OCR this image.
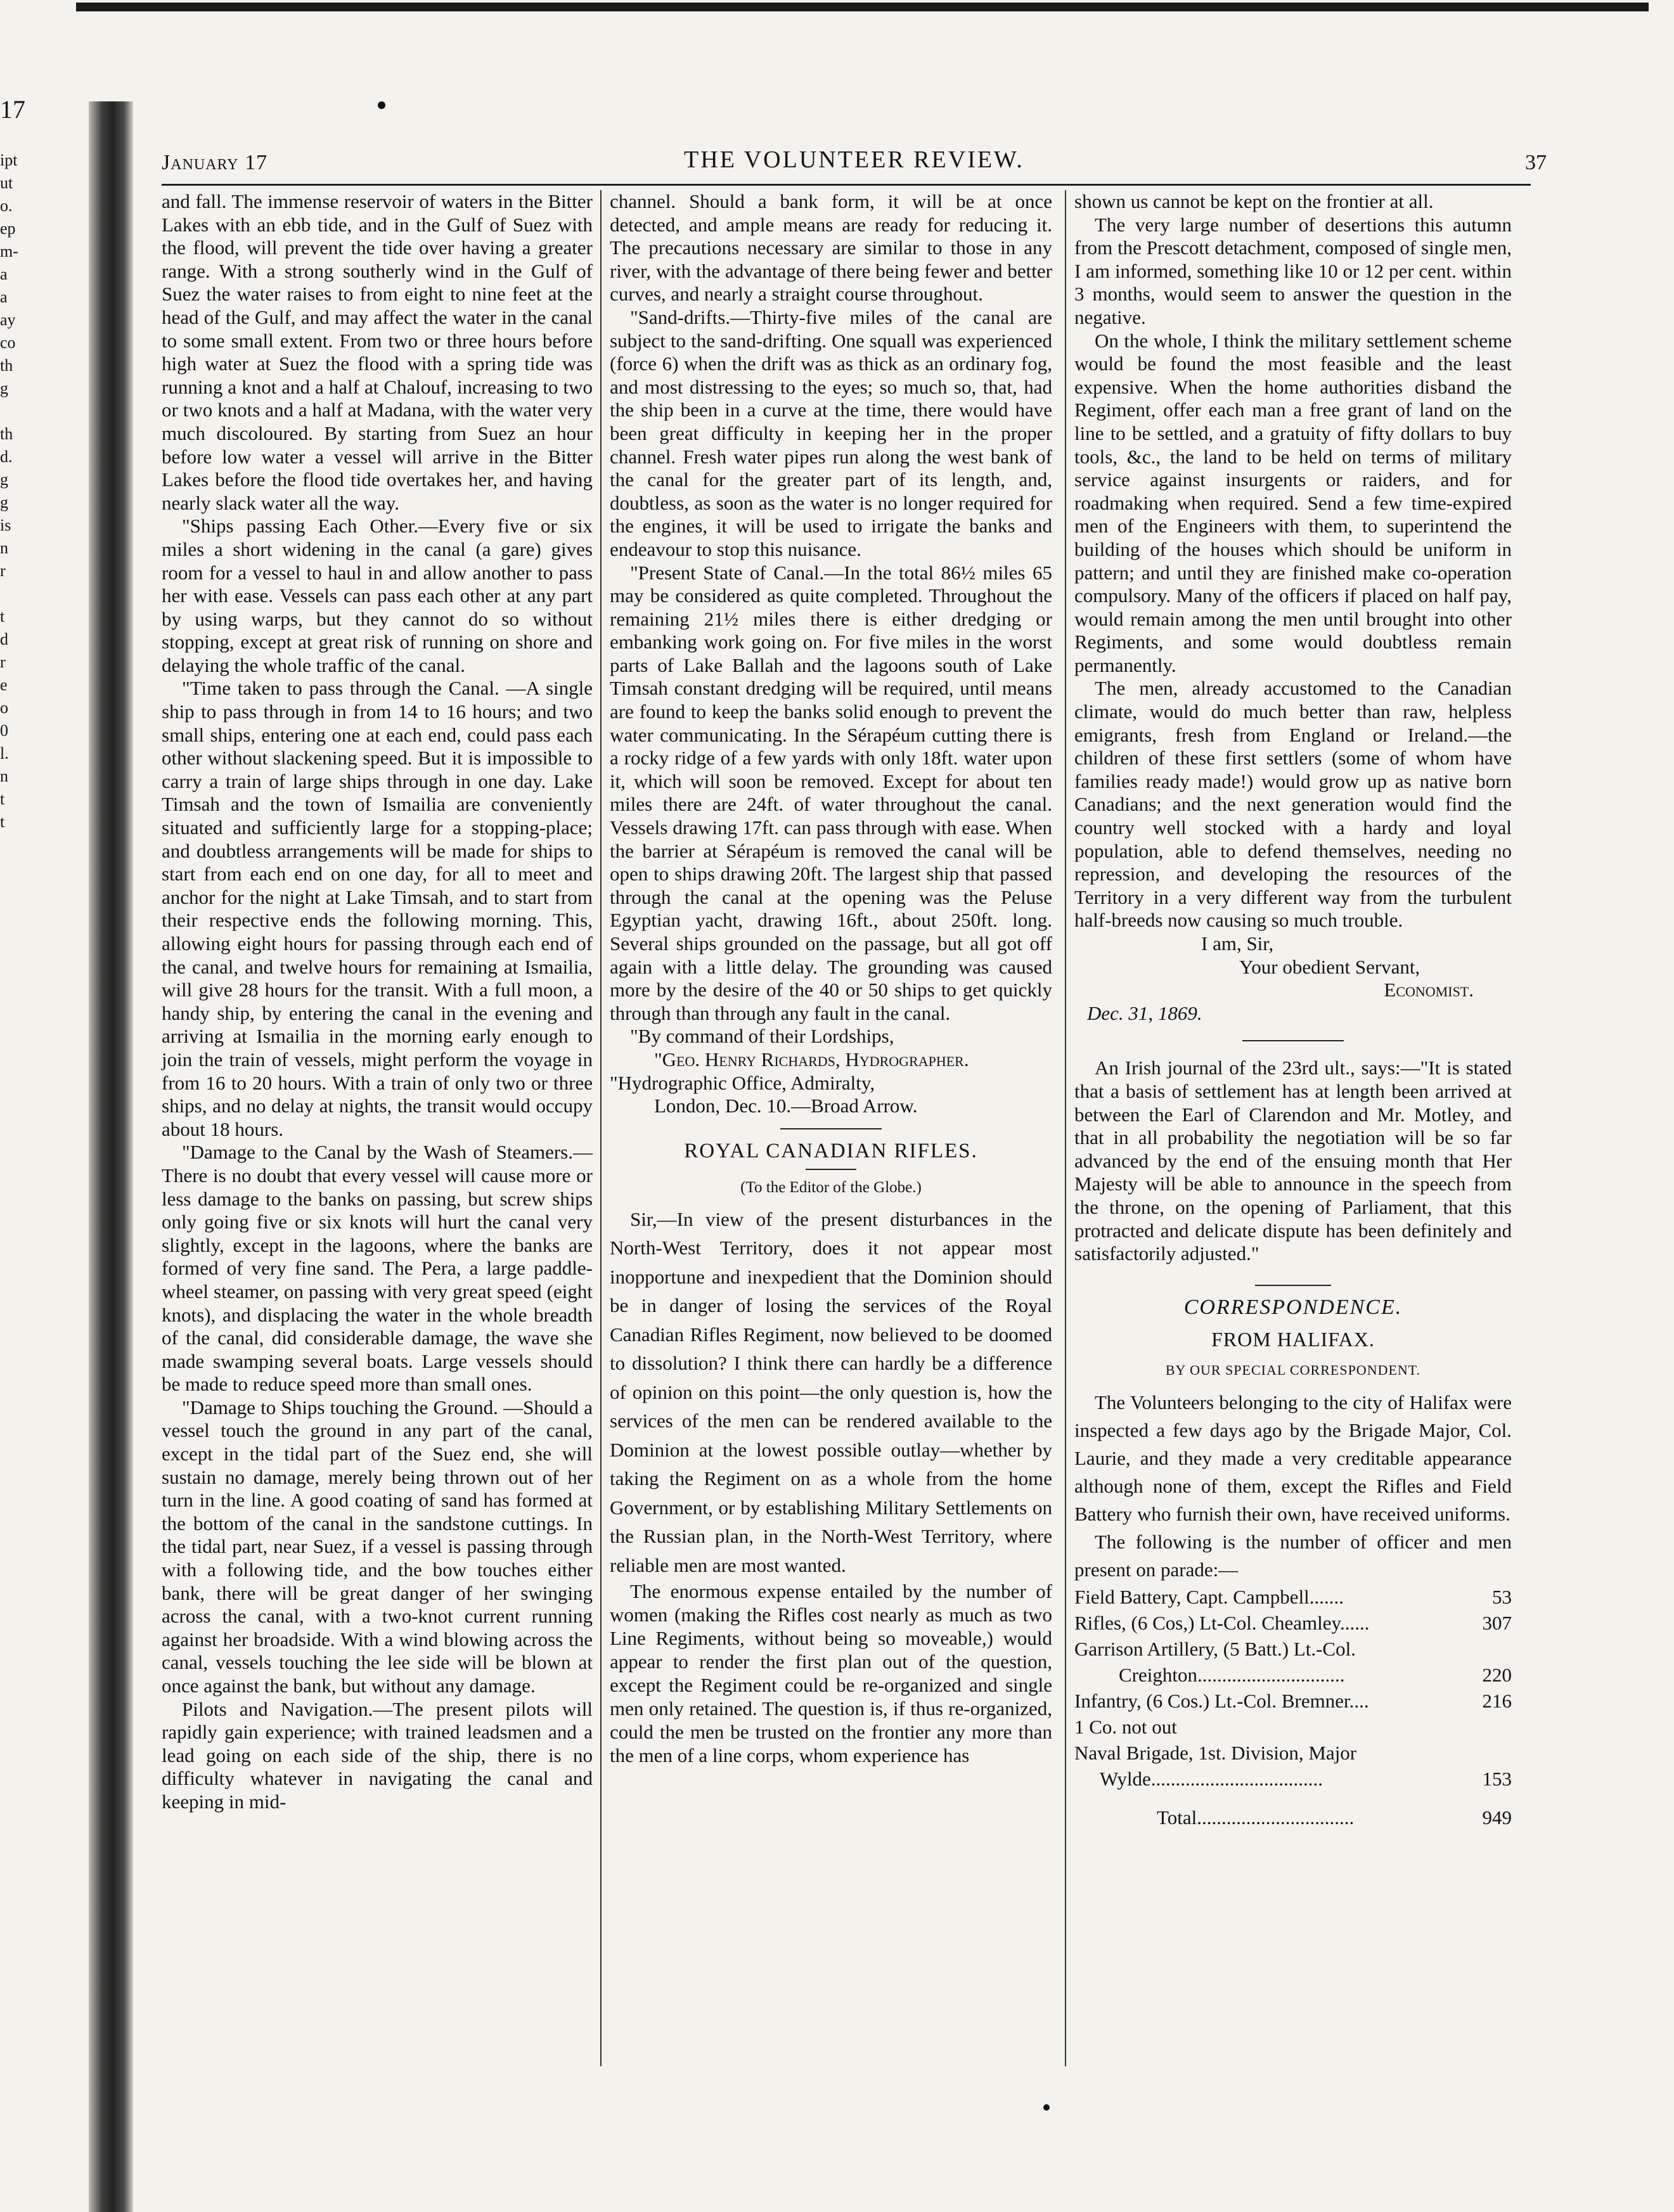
17
ipt
ut
o.
ep
m-
a
a
ay
co
th
g
th
d.
g
g
is
n
r
t
d
r
e
o
0
l.
n
t
t
January 17	THE VOLUNTEER REVIEW.	37

and fall. The immense reservoir of waters in the Bitter Lakes with an ebb tide, and in the Gulf of Suez with the flood, will prevent the tide over having a greater range. With a strong southerly wind in the Gulf of Suez the water raises to from eight to nine feet at the head of the Gulf, and may affect the water in the canal to some small extent. From two or three hours before high water at Suez the flood with a spring tide was running a knot and a half at Chalouf, increasing to two or two knots and a half at Madana, with the water very much discoloured. By starting from Suez an hour before low water a vessel will arrive in the Bitter Lakes before the flood tide overtakes her, and having nearly slack water all the way.

"Ships passing Each Other.—Every five or six miles a short widening in the canal (a gare) gives room for a vessel to haul in and allow another to pass her with ease. Vessels can pass each other at any part by using warps, but they cannot do so without stopping, except at great risk of running on shore and delaying the whole traffic of the canal.

"Time taken to pass through the Canal. —A single ship to pass through in from 14 to 16 hours; and two small ships, entering one at each end, could pass each other without slackening speed. But it is impossible to carry a train of large ships through in one day. Lake Timsah and the town of Ismailia are conveniently situated and sufficiently large for a stopping-place; and doubtless arrangements will be made for ships to start from each end on one day, for all to meet and anchor for the night at Lake Timsah, and to start from their respective ends the following morning. This, allowing eight hours for passing through each end of the canal, and twelve hours for remaining at Ismailia, will give 28 hours for the transit. With a full moon, a handy ship, by entering the canal in the evening and arriving at Ismailia in the morning early enough to join the train of vessels, might perform the voyage in from 16 to 20 hours. With a train of only two or three ships, and no delay at nights, the transit would occupy about 18 hours.

"Damage to the Canal by the Wash of Steamers.—There is no doubt that every vessel will cause more or less damage to the banks on passing, but screw ships only going five or six knots will hurt the canal very slightly, except in the lagoons, where the banks are formed of very fine sand. The Pera, a large paddle-wheel steamer, on passing with very great speed (eight knots), and displacing the water in the whole breadth of the canal, did considerable damage, the wave she made swamping several boats. Large vessels should be made to reduce speed more than small ones.

"Damage to Ships touching the Ground. —Should a vessel touch the ground in any part of the canal, except in the tidal part of the Suez end, she will sustain no damage, merely being thrown out of her turn in the line. A good coating of sand has formed at the bottom of the canal in the sandstone cuttings. In the tidal part, near Suez, if a vessel is passing through with a following tide, and the bow touches either bank, there will be great danger of her swinging across the canal, with a two-knot current running against her broadside. With a wind blowing across the canal, vessels touching the lee side will be blown at once against the bank, but without any damage.

Pilots and Navigation.—The present pilots will rapidly gain experience; with trained leadsmen and a lead going on each side of the ship, there is no difficulty whatever in navigating the canal and keeping in mid-

channel. Should a bank form, it will be at once detected, and ample means are ready for reducing it. The precautions necessary are similar to those in any river, with the advantage of there being fewer and better curves, and nearly a straight course throughout.

"Sand-drifts.—Thirty-five miles of the canal are subject to the sand-drifting. One squall was experienced (force 6) when the drift was as thick as an ordinary fog, and most distressing to the eyes; so much so, that, had the ship been in a curve at the time, there would have been great difficulty in keeping her in the proper channel. Fresh water pipes run along the west bank of the canal for the greater part of its length, and, doubtless, as soon as the water is no longer required for the engines, it will be used to irrigate the banks and endeavour to stop this nuisance.

"Present State of Canal.—In the total 86½ miles 65 may be considered as quite completed. Throughout the remaining 21½ miles there is either dredging or embanking work going on. For five miles in the worst parts of Lake Ballah and the lagoons south of Lake Timsah constant dredging will be required, until means are found to keep the banks solid enough to prevent the water communicating. In the Sérapéum cutting there is a rocky ridge of a few yards with only 18ft. water upon it, which will soon be removed. Except for about ten miles there are 24ft. of water throughout the canal. Vessels drawing 17ft. can pass through with ease. When the barrier at Sérapéum is removed the canal will be open to ships drawing 20ft. The largest ship that passed through the canal at the opening was the Peluse Egyptian yacht, drawing 16ft., about 250ft. long. Several ships grounded on the passage, but all got off again with a little delay. The grounding was caused more by the desire of the 40 or 50 ships to get quickly through than through any fault in the canal.

"By command of their Lordships,

"Geo. Henry Richards, Hydrographer.

"Hydrographic Office, Admiralty,

London, Dec. 10.—Broad Arrow.

ROYAL CANADIAN RIFLES.

(To the Editor of the Globe.)

Sir,—In view of the present disturbances in the North-West Territory, does it not appear most inopportune and inexpedient that the Dominion should be in danger of losing the services of the Royal Canadian Rifles Regiment, now believed to be doomed to dissolution? I think there can hardly be a difference of opinion on this point—the only question is, how the services of the men can be rendered available to the Dominion at the lowest possible outlay—whether by taking the Regiment on as a whole from the home Government, or by establishing Military Settlements on the Russian plan, in the North-West Territory, where reliable men are most wanted.

The enormous expense entailed by the number of women (making the Rifles cost nearly as much as two Line Regiments, without being so moveable,) would appear to render the first plan out of the question, except the Regiment could be re-organized and single men only retained. The question is, if thus re-organized, could the men be trusted on the frontier any more than the men of a line corps, whom experience has

shown us cannot be kept on the frontier at all.

The very large number of desertions this autumn from the Prescott detachment, composed of single men, I am informed, something like 10 or 12 per cent. within 3 months, would seem to answer the question in the negative.

On the whole, I think the military settlement scheme would be found the most feasible and the least expensive. When the home authorities disband the Regiment, offer each man a free grant of land on the line to be settled, and a gratuity of fifty dollars to buy tools, &c., the land to be held on terms of military service against insurgents or raiders, and for roadmaking when required. Send a few time-expired men of the Engineers with them, to superintend the building of the houses which should be uniform in pattern; and until they are finished make co-operation compulsory. Many of the officers if placed on half pay, would remain among the men until brought into other Regiments, and some would doubtless remain permanently.

The men, already accustomed to the Canadian climate, would do much better than raw, helpless emigrants, fresh from England or Ireland.—the children of these first settlers (some of whom have families ready made!) would grow up as native born Canadians; and the next generation would find the country well stocked with a hardy and loyal population, able to defend themselves, needing no repression, and developing the resources of the Territory in a very different way from the turbulent half-breeds now causing so much trouble.

I am, Sir,

Your obedient Servant,

Economist.

Dec. 31, 1869.

An Irish journal of the 23rd ult., says:—"It is stated that a basis of settlement has at length been arrived at between the Earl of Clarendon and Mr. Motley, and that in all probability the negotiation will be so far advanced by the end of the ensuing month that Her Majesty will be able to announce in the speech from the throne, on the opening of Parliament, that this protracted and delicate dispute has been definitely and satisfactorily adjusted."

CORRESPONDENCE.

FROM HALIFAX.

BY OUR SPECIAL CORRESPONDENT.

The Volunteers belonging to the city of Halifax were inspected a few days ago by the Brigade Major, Col. Laurie, and they made a very creditable appearance although none of them, except the Rifles and Field Battery who furnish their own, have received uniforms.

The following is the number of officer and men present on parade:—

Field Battery, Capt. Campbell.......	53
Rifles, (6 Cos,) Lt-Col. Cheamley......	307
Garrison Artillery, (5 Batt.) Lt.-Col.	
Creighton..............................	220
Infantry, (6 Cos.) Lt.-Col. Bremner....	216
1 Co. not out	
Naval Brigade, 1st. Division, Major	
Wylde...................................	153
Total................................	949
